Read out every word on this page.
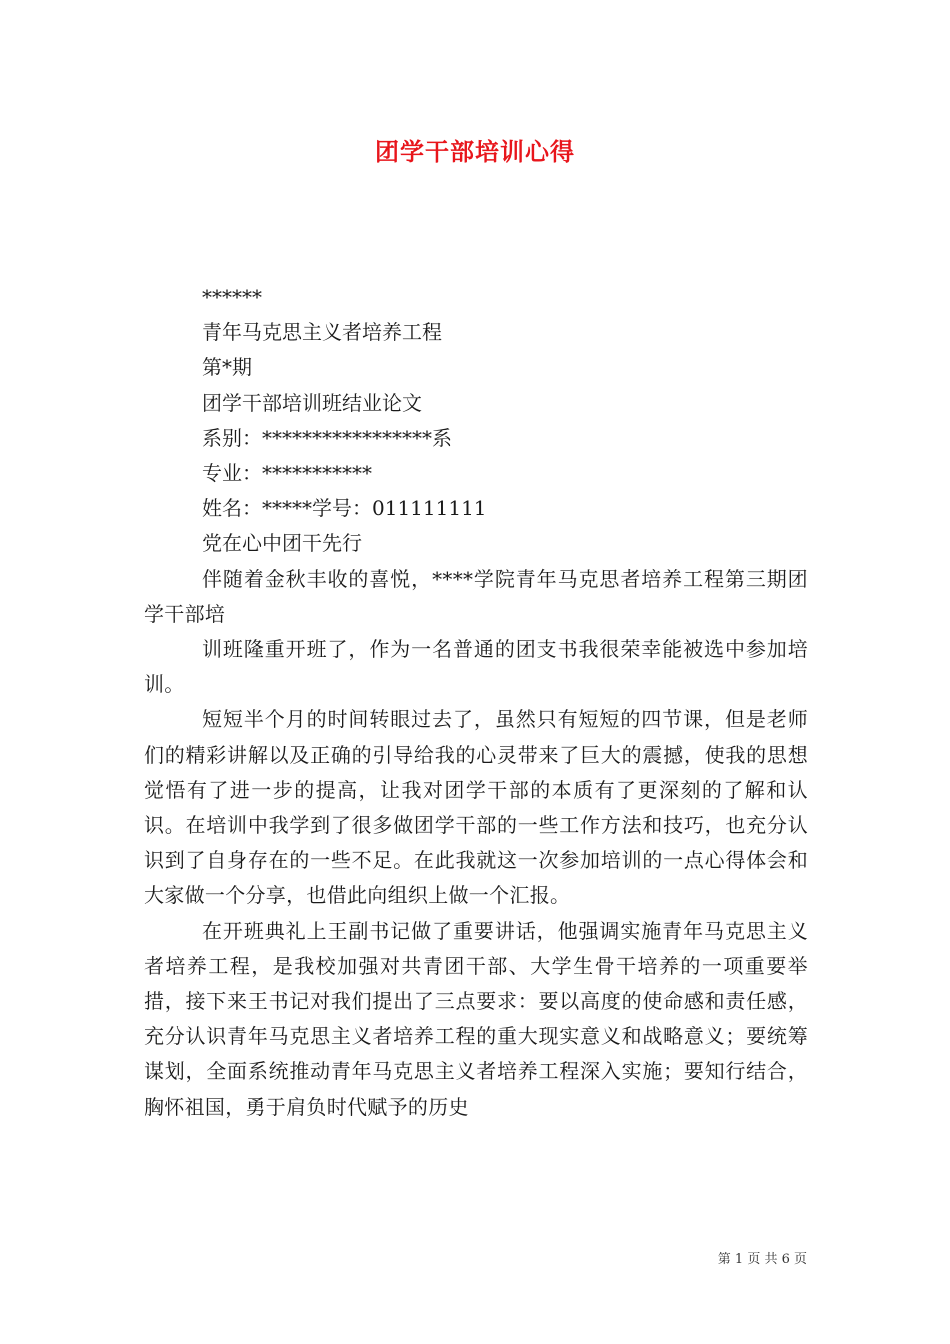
团学干部培训心得

******

青年马克思主义者培养工程

第*期

团学干部培训班结业论文

系别：*****************系

专业：***********

姓名：*****学号：011111111

党在心中团干先行

伴随着金秋丰收的喜悦，****学院青年马克思者培养工程第三期团学干部培

训班隆重开班了，作为一名普通的团支书我很荣幸能被选中参加培训。

短短半个月的时间转眼过去了，虽然只有短短的四节课，但是老师们的精彩讲解以及正确的引导给我的心灵带来了巨大的震撼，使我的思想觉悟有了进一步的提高，让我对团学干部的本质有了更深刻的了解和认识。在培训中我学到了很多做团学干部的一些工作方法和技巧，也充分认识到了自身存在的一些不足。在此我就这一次参加培训的一点心得体会和大家做一个分享，也借此向组织上做一个汇报。

在开班典礼上王副书记做了重要讲话，他强调实施青年马克思主义者培养工程，是我校加强对共青团干部、大学生骨干培养的一项重要举措，接下来王书记对我们提出了三点要求：要以高度的使命感和责任感，充分认识青年马克思主义者培养工程的重大现实意义和战略意义；要统筹谋划，全面系统推动青年马克思主义者培养工程深入实施；要知行结合，胸怀祖国，勇于肩负时代赋予的历史

第 1 页 共 6 页
